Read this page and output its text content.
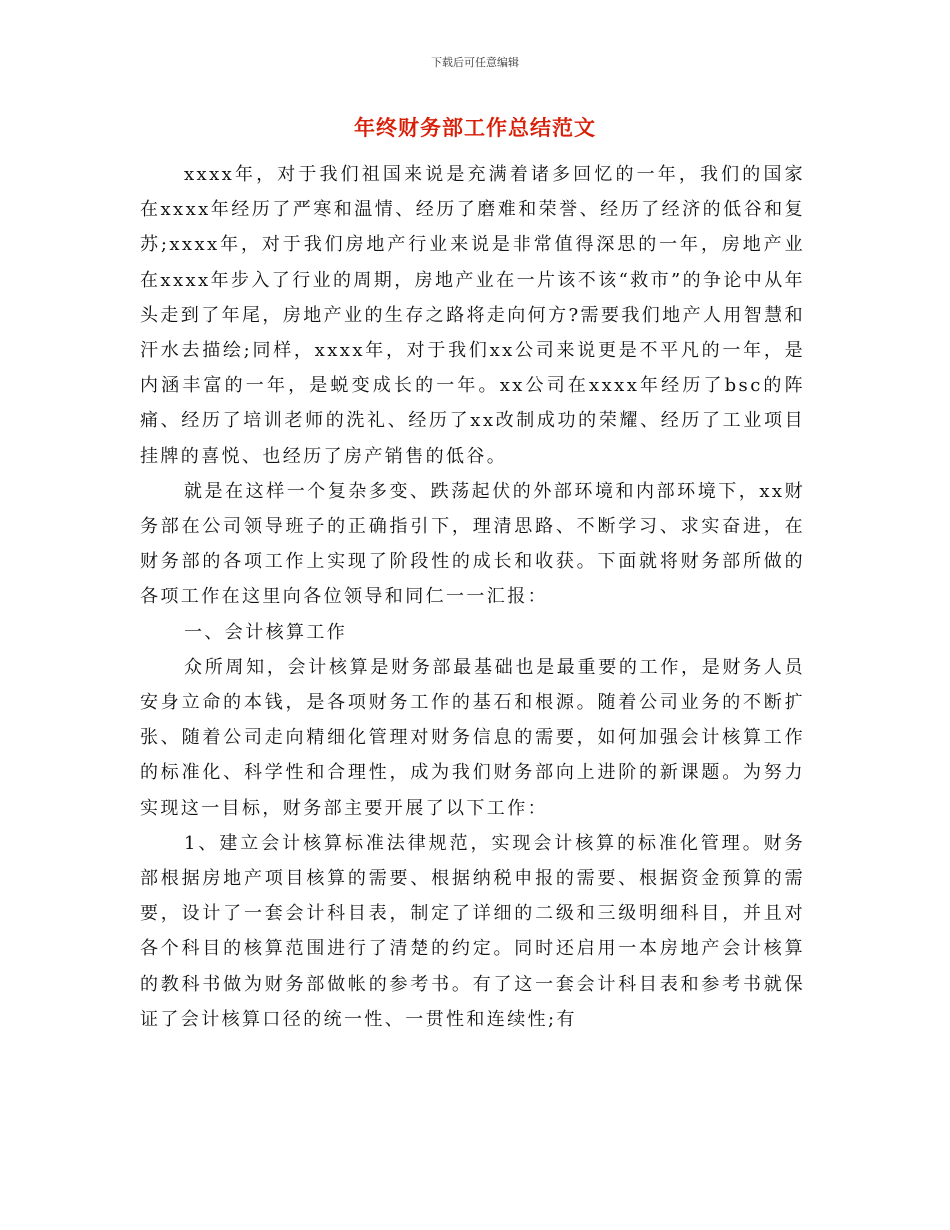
下载后可任意编辑
年终财务部工作总结范文

xxxx年，对于我们祖国来说是充满着诸多回忆的一年，我们的国家在xxxx年经历了严寒和温情、经历了磨难和荣誉、经历了经济的低谷和复苏;xxxx年，对于我们房地产行业来说是非常值得深思的一年，房地产业在xxxx年步入了行业的周期，房地产业在一片该不该“救市”的争论中从年头走到了年尾，房地产业的生存之路将走向何方?需要我们地产人用智慧和汗水去描绘;同样，xxxx年，对于我们xx公司来说更是不平凡的一年，是内涵丰富的一年，是蜕变成长的一年。xx公司在xxxx年经历了bsc的阵痛、经历了培训老师的洗礼、经历了xx改制成功的荣耀、经历了工业项目挂牌的喜悦、也经历了房产销售的低谷。

就是在这样一个复杂多变、跌荡起伏的外部环境和内部环境下，xx财务部在公司领导班子的正确指引下，理清思路、不断学习、求实奋进，在财务部的各项工作上实现了阶段性的成长和收获。下面就将财务部所做的各项工作在这里向各位领导和同仁一一汇报：

一、会计核算工作

众所周知，会计核算是财务部最基础也是最重要的工作，是财务人员安身立命的本钱，是各项财务工作的基石和根源。随着公司业务的不断扩张、随着公司走向精细化管理对财务信息的需要，如何加强会计核算工作的标准化、科学性和合理性，成为我们财务部向上进阶的新课题。为努力实现这一目标，财务部主要开展了以下工作：

1、建立会计核算标准法律规范，实现会计核算的标准化管理。财务部根据房地产项目核算的需要、根据纳税申报的需要、根据资金预算的需要，设计了一套会计科目表，制定了详细的二级和三级明细科目，并且对各个科目的核算范围进行了清楚的约定。同时还启用一本房地产会计核算的教科书做为财务部做帐的参考书。有了这一套会计科目表和参考书就保证了会计核算口径的统一性、一贯性和连续性;有
